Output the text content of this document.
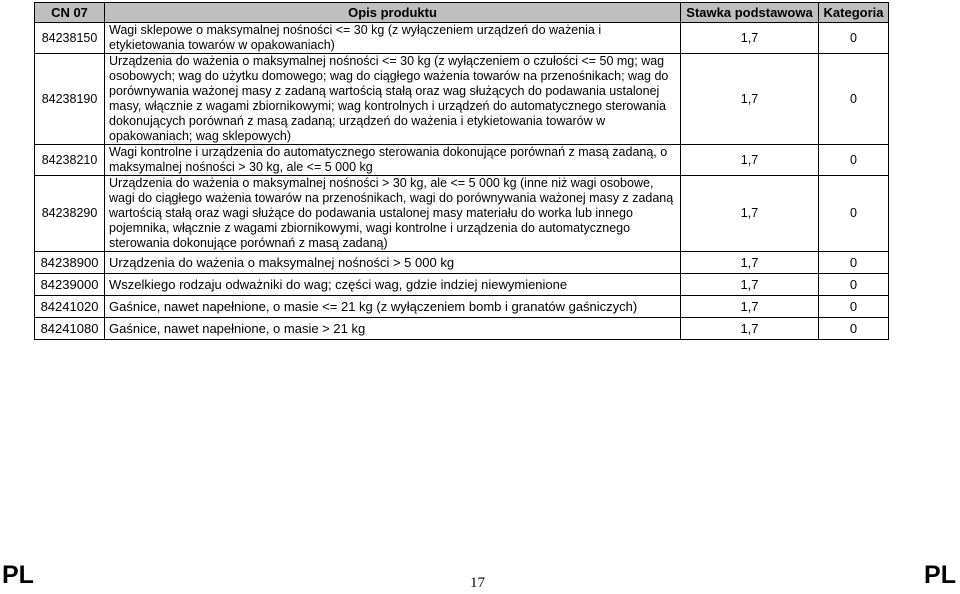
CN 07	Opis produktu	Stawka podstawowa	Kategoria
84238150	Wagi sklepowe o maksymalnej nośności <= 30 kg (z wyłączeniem urządzeń do ważenia i etykietowania towarów w opakowaniach)	1,7	0
84238190	Urządzenia do ważenia o maksymalnej nośności <= 30 kg (z wyłączeniem o czułości <= 50 mg; wag osobowych; wag do użytku domowego; wag do ciągłego ważenia towarów na przenośnikach; wag do porównywania ważonej masy z zadaną wartością stałą oraz wag służących do podawania ustalonej masy, włącznie z wagami zbiornikowymi; wag kontrolnych i urządzeń do automatycznego sterowania dokonujących porównań z masą zadaną; urządzeń do ważenia i etykietowania towarów w opakowaniach; wag sklepowych)	1,7	0
84238210	Wagi kontrolne i urządzenia do automatycznego sterowania dokonujące porównań z masą zadaną, o maksymalnej nośności > 30 kg, ale <= 5 000 kg	1,7	0
84238290	Urządzenia do ważenia o maksymalnej nośności > 30 kg, ale <= 5 000 kg (inne niż wagi osobowe, wagi do ciągłego ważenia towarów na przenośnikach, wagi do porównywania ważonej masy z zadaną wartością stałą oraz wagi służące do podawania ustalonej masy materiału do worka lub innego pojemnika, włącznie z wagami zbiornikowymi, wagi kontrolne i urządzenia do automatycznego sterowania dokonujące porównań z masą zadaną)	1,7	0
84238900	Urządzenia do ważenia o maksymalnej nośności > 5 000 kg	1,7	0
84239000	Wszelkiego rodzaju odważniki do wag; części wag, gdzie indziej niewymienione	1,7	0
84241020	Gaśnice, nawet napełnione, o masie <= 21 kg (z wyłączeniem bomb i granatów gaśniczych)	1,7	0
84241080	Gaśnice, nawet napełnione, o masie > 21 kg	1,7	0
PL	17	PL
